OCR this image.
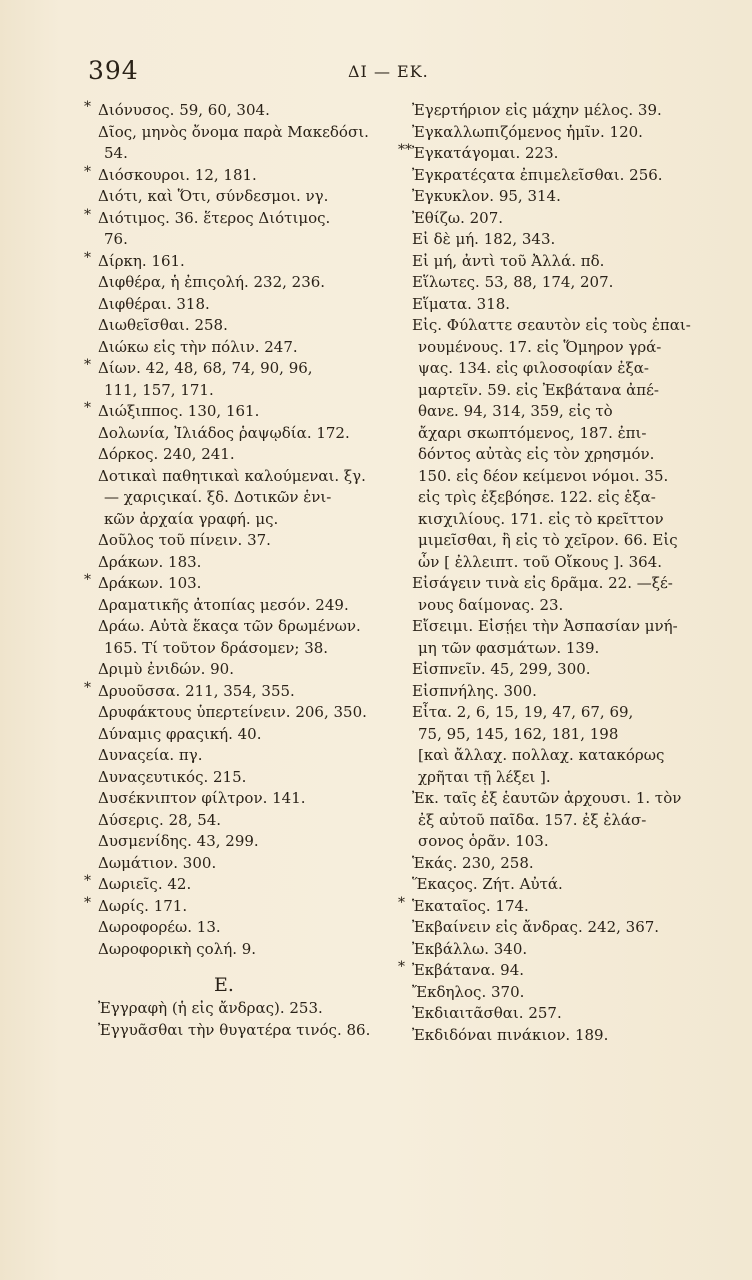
394	ΔΙ — ΕΚ.
* Διόνυσος. 59, 60, 304.
Δῖος, μηνὸς ὄνομα παρὰ Μακεδόσι.
54.
* Διόσκουροι. 12, 181.
Διότι, καὶ Ὅτι, σύνδεσμοι. νγ.
* Διότιμος. 36. ἕτερος Διότιμος.
76.
* Δίρκη. 161.
Διφθέρα, ἡ ἐπιςολή. 232, 236.
Διφθέραι. 318.
Διωθεῖσθαι. 258.
Διώκω εἰς τὴν πόλιν. 247.
* Δίων. 42, 48, 68, 74, 90, 96,
111, 157, 171.
* Διώξιππος. 130, 161.
Δολωνία, Ἰλιάδος ῥαψῳδία. 172.
Δόρκος. 240, 241.
Δοτικαὶ παθητικαὶ καλούμεναι. ξγ.
— χαριςικαί. ξδ. Δοτικῶν ἑνι-
κῶν ἀρχαία γραφή. μς.
Δοῦλος τοῦ πίνειν. 37.
Δράκων. 183.
* Δράκων. 103.
Δραματικῆς ἀτοπίας μεσόν. 249.
Δράω. Αὐτὰ ἕκαςα τῶν δρωμένων.
165. Τί τοῦτον δράσομεν; 38.
Δριμὺ ἐνιδών. 90.
* Δρυοῦσσα. 211, 354, 355.
Δρυφάκτους ὑπερτείνειν. 206, 350.
Δύναμις φραςική. 40.
Δυναςεία. πγ.
Δυναςευτικός. 215.
Δυσέκνιπτον φίλτρον. 141.
Δύσερις. 28, 54.
Δυσμενίδης. 43, 299.
Δωμάτιον. 300.
* Δωριεῖς. 42.
* Δωρίς. 171.
Δωροφορέω. 13.
Δωροφορικὴ ςολή. 9.
Ε.
Ἐγγραφὴ (ἡ εἰς ἄνδρας). 253.
Ἐγγυᾶσθαι τὴν θυγατέρα τινός. 86.
Ἐγερτήριον εἰς μάχην μέλος. 39.
Ἐγκαλλωπιζόμενος ἡμῖν. 120.
** Ἐγκατάγομαι. 223.
Ἐγκρατέςατα ἐπιμελεῖσθαι. 256.
Ἐγκυκλον. 95, 314.
Ἐθίζω. 207.
Εἰ δὲ μή. 182, 343.
Εἰ μή, ἀντὶ τοῦ Ἀλλά. πδ.
Εἵλωτες. 53, 88, 174, 207.
Εἵματα. 318.
Εἰς. Φύλαττε σεαυτὸν εἰς τοὺς ἐπαι-
νουμένους. 17. εἰς Ὅμηρον γρά-
ψας. 134. εἰς φιλοσοφίαν ἐξα-
μαρτεῖν. 59. εἰς Ἐκβάτανα ἀπέ-
θανε. 94, 314, 359, εἰς τὸ
ἄχαρι σκωπτόμενος, 187. ἐπι-
δόντος αὐτὰς εἰς τὸν χρησμόν.
150. εἰς δέον κείμενοι νόμοι. 35.
εἰς τρὶς ἐξεβόησε. 122. εἰς ἑξα-
κισχιλίους. 171. εἰς τὸ κρεῖττον
μιμεῖσθαι, ἢ εἰς τὸ χεῖρον. 66. Εἰς
ὧν [ ἐλλειπτ. τοῦ Οἴκους ]. 364.
Εἰσάγειν τινὰ εἰς δρᾶμα. 22. —ξέ-
νους δαίμονας. 23.
Εἴσειμι. Εἰσῄει τὴν Ἀσπασίαν μνή-
μη τῶν φασμάτων. 139.
Εἰσπνεῖν. 45, 299, 300.
Εἰσπνήλης. 300.
Εἶτα. 2, 6, 15, 19, 47, 67, 69,
75, 95, 145, 162, 181, 198
[καὶ ἄλλαχ. πολλαχ. κατακόρως
χρῆται τῇ λέξει ].
Ἐκ. ταῖς ἐξ ἑαυτῶν ἀρχουσι. 1. τὸν
ἐξ αὐτοῦ παῖδα. 157. ἐξ ἐλάσ-
σονος ὁρᾶν. 103.
Ἑκάς. 230, 258.
Ἕκαςος. Ζήτ. Αὐτά.
* Ἑκαταῖος. 174.
Ἐκβαίνειν εἰς ἄνδρας. 242, 367.
Ἐκβάλλω. 340.
* Ἐκβάτανα. 94.
Ἔκδηλος. 370.
Ἐκδιαιτᾶσθαι. 257.
Ἐκδιδόναι πινάκιον. 189.
